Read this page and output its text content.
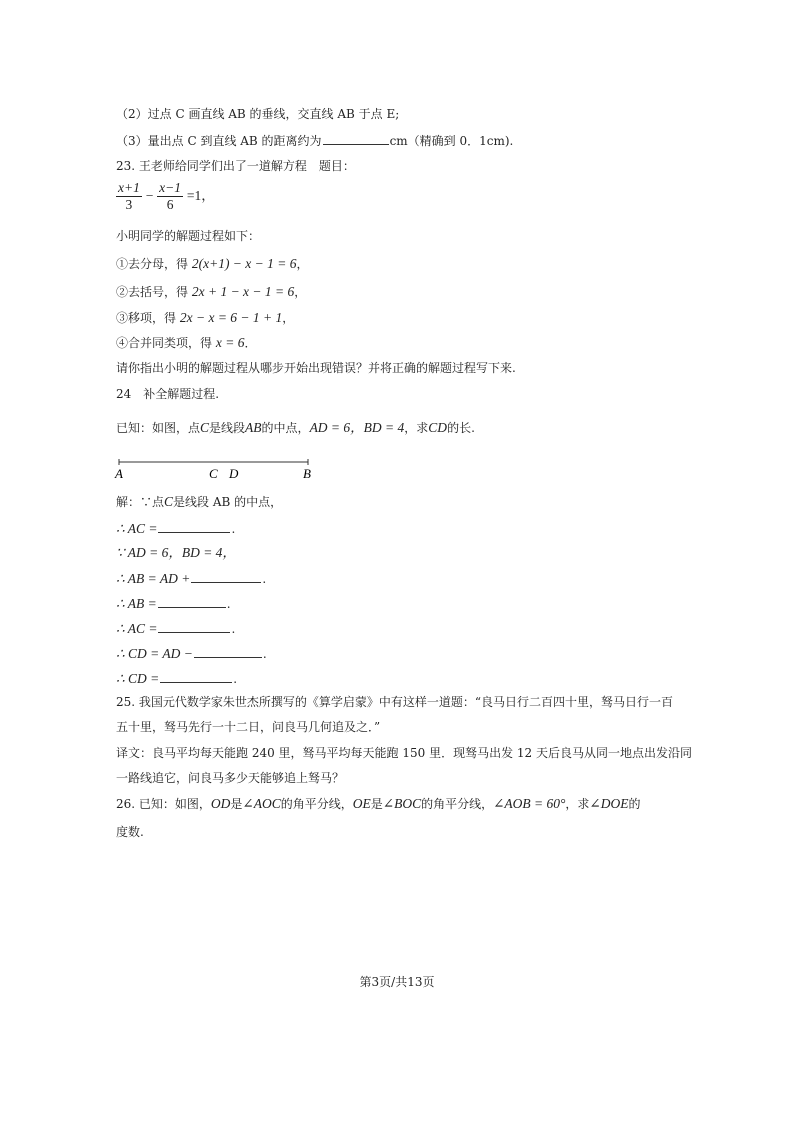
（2）过点 C 画直线 AB 的垂线，交直线 AB 于点 E;
（3）量出点 C 到直线 AB 的距离约为	cm（精确到 0．1cm).
23. 王老师给同学们出了一道解方程　题目：
$\frac{x+1}{3} - \frac{x-1}{6} =1$，
小明同学的解题过程如下：
①去分母，得 2(x+1) − x − 1 = 6，
②去括号，得 2x + 1 − x − 1 = 6，
③移项，得 2x − x = 6 − 1 + 1，
④合并同类项，得 x = 6．
请你指出小明的解题过程从哪步开始出现错误？并将正确的解题过程写下来.
24　补全解题过程.
已知：如图，点C是线段AB的中点，AD = 6，BD = 4，求CD的长.
A	C D	B
解：∵点C是线段 AB 的中点，
∴ AC =	.
∵ AD = 6，BD = 4，
∴ AB = AD +	.
∴ AB =	.
∴ AC =	.
∴ CD = AD −	.
∴ CD =	.
25. 我国元代数学家朱世杰所撰写的《算学启蒙》中有这样一道题：“良马日行二百四十里，驽马日行一百
五十里，驽马先行一十二日，问良马几何追及之．”
译文：良马平均每天能跑 240 里，驽马平均每天能跑 150 里．现驽马出发 12 天后良马从同一地点出发沿同
一路线追它，问良马多少天能够追上驽马？
26. 已知：如图，OD是∠AOC的角平分线，OE是∠BOC的角平分线，∠AOB = 60°，求∠DOE的
度数.
第3页/共13页
